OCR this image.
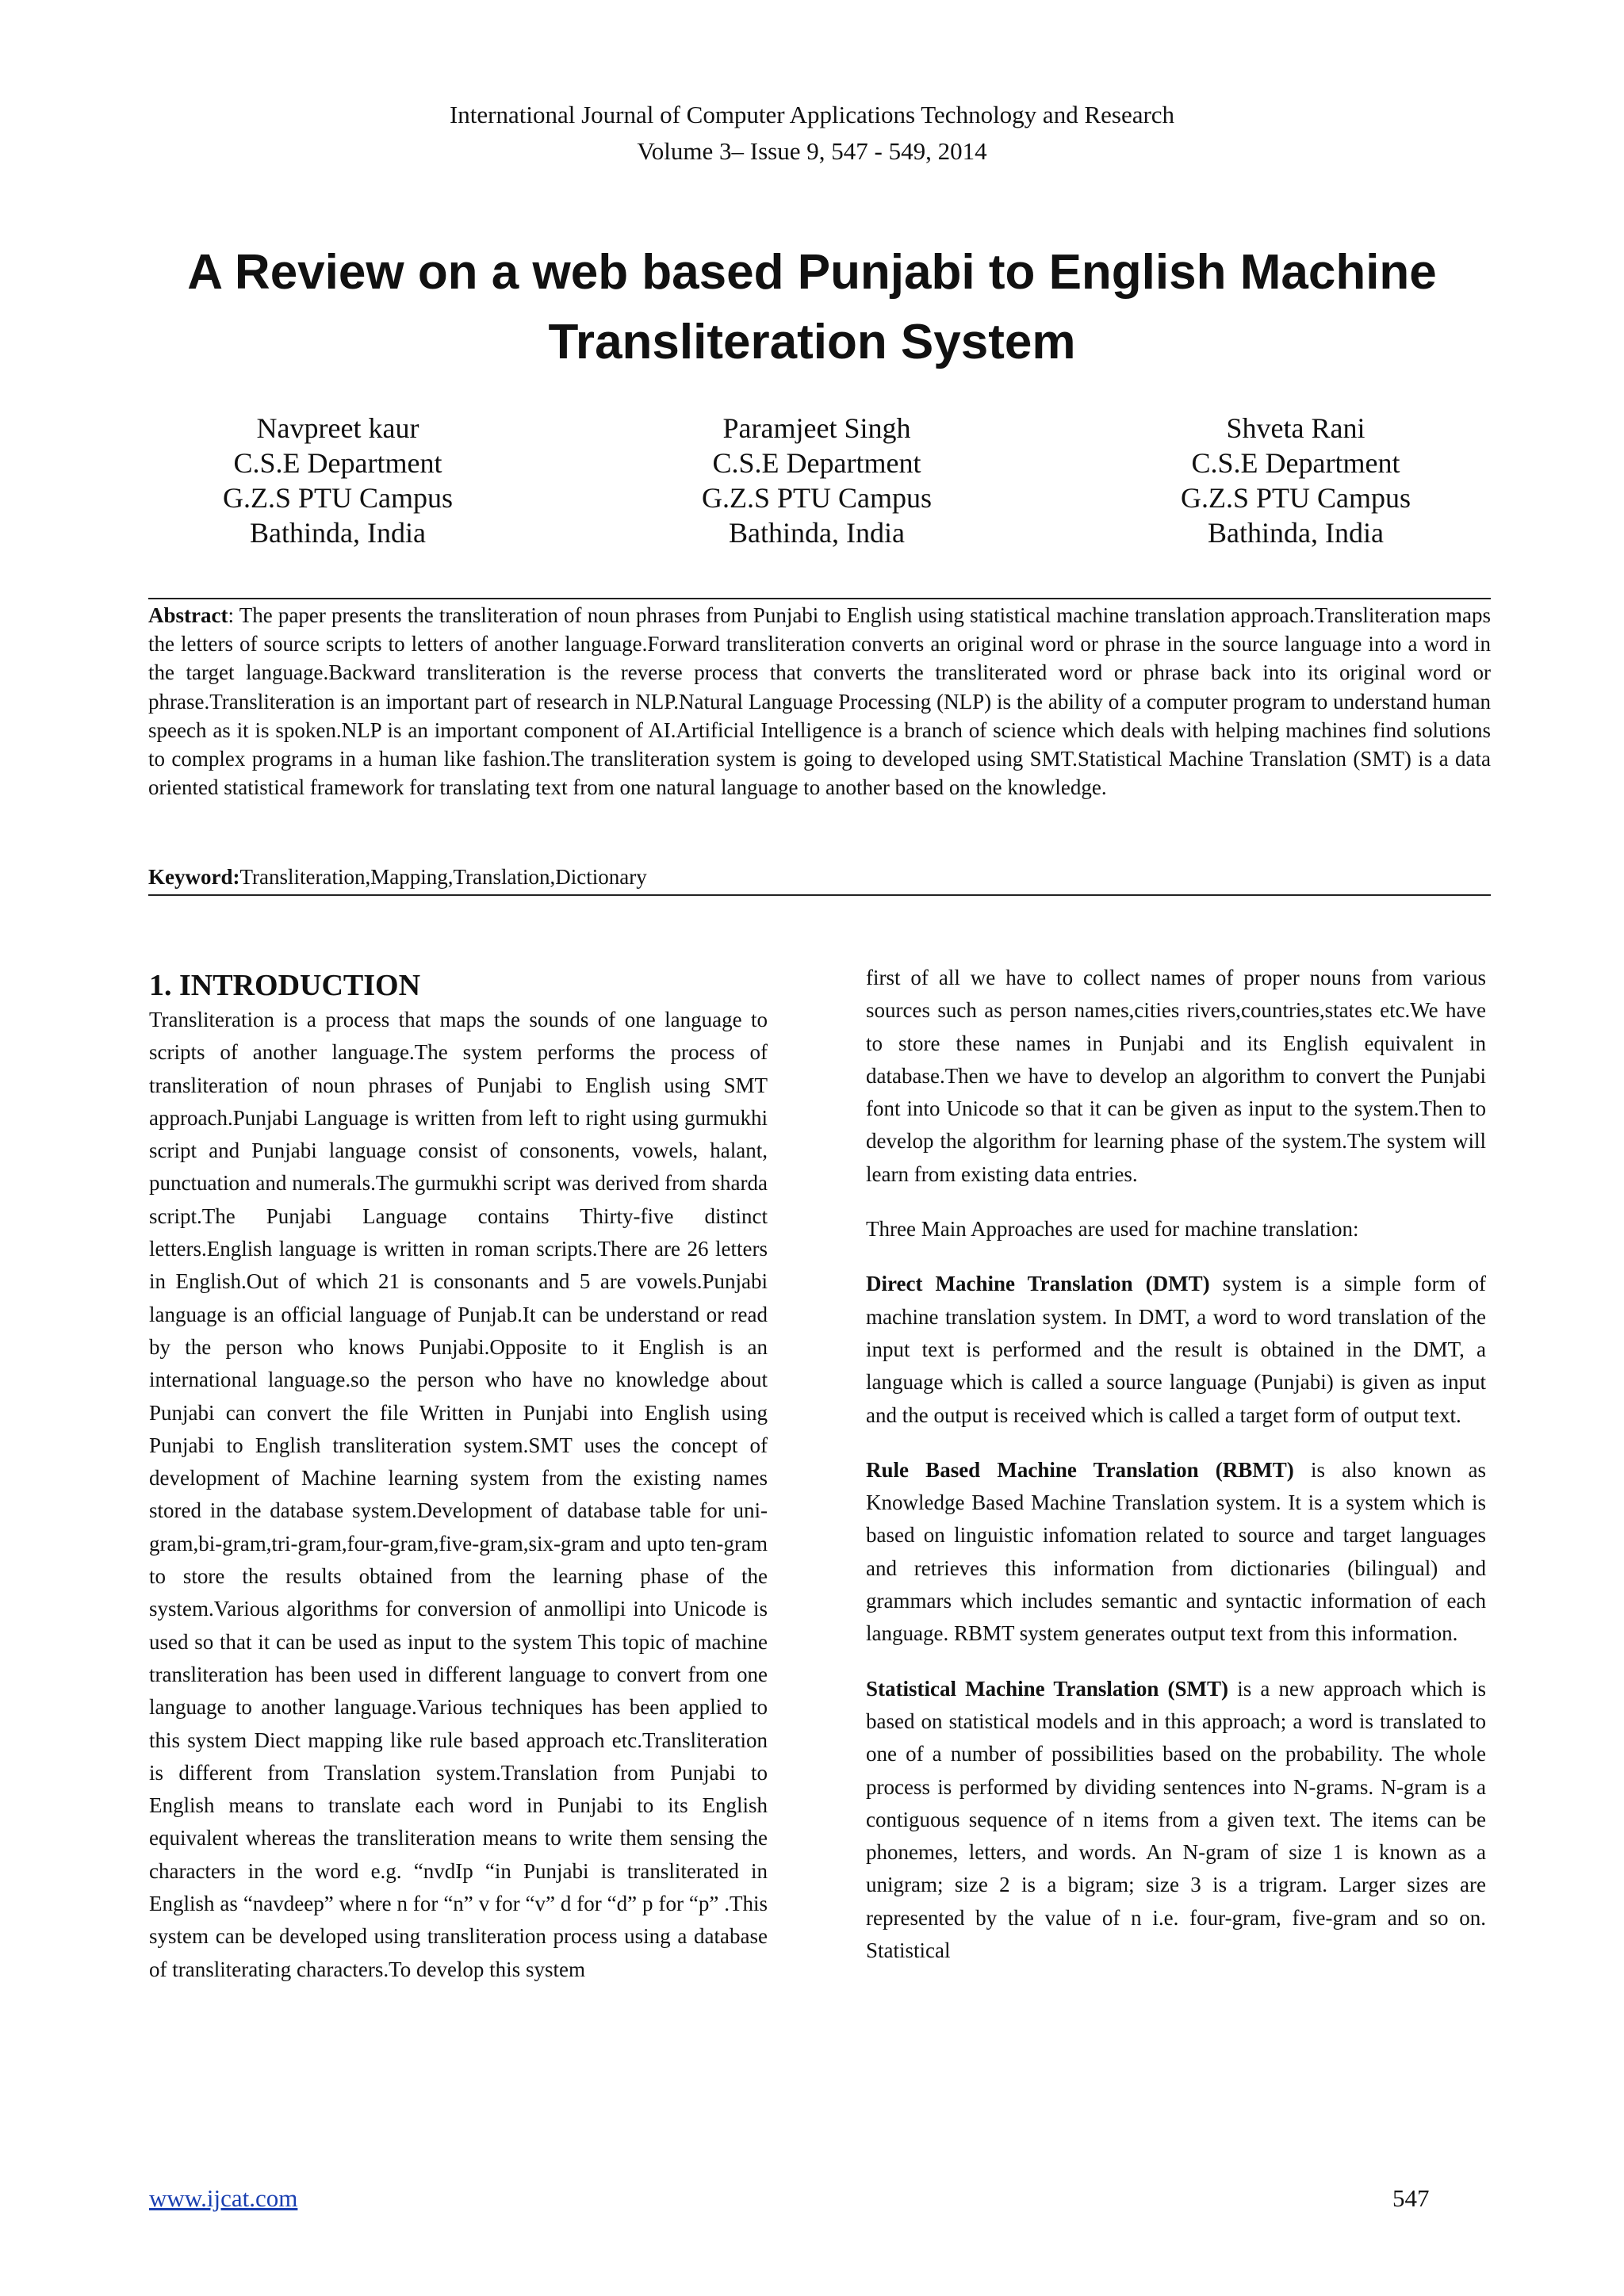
International Journal of Computer Applications Technology and Research
Volume 3– Issue 9, 547 - 549, 2014
A Review on a web based Punjabi to English Machine
Transliteration System
Navpreet kaur
C.S.E Department
G.Z.S PTU Campus
Bathinda, India
Paramjeet Singh
C.S.E Department
G.Z.S PTU Campus
Bathinda, India
Shveta Rani
C.S.E Department
G.Z.S PTU Campus
Bathinda, India
Abstract: The paper presents the transliteration of noun phrases from Punjabi to English using statistical machine translation approach.Transliteration maps the letters of source scripts to letters of another language.Forward transliteration converts an original word or phrase in the source language into a word in the target language.Backward transliteration is the reverse process that converts the transliterated word or phrase back into its original word or phrase.Transliteration is an important part of research in NLP.Natural Language Processing (NLP) is the ability of a computer program to understand human speech as it is spoken.NLP is an important component of AI.Artificial Intelligence is a branch of science which deals with helping machines find solutions to complex programs in a human like fashion.The transliteration system is going to developed using SMT.Statistical Machine Translation (SMT) is a data oriented statistical framework for translating text from one natural language to another based on the knowledge.
Keyword:Transliteration,Mapping,Translation,Dictionary
1. INTRODUCTION

Transliteration is a process that maps the sounds of one language to scripts of another language.The system performs the process of transliteration of noun phrases of Punjabi to English using SMT approach.Punjabi Language is written from left to right using gurmukhi script and Punjabi language consist of consonents, vowels, halant, punctuation and numerals.The gurmukhi script was derived from sharda script.The Punjabi Language contains Thirty-five distinct letters.English language is written in roman scripts.There are 26 letters in English.Out of which 21 is consonants and 5 are vowels.Punjabi language is an official language of Punjab.It can be understand or read by the person who knows Punjabi.Opposite to it English is an international language.so the person who have no knowledge about Punjabi can convert the file Written in Punjabi into English using Punjabi to English transliteration system.SMT uses the concept of development of Machine learning system from the existing names stored in the database system.Development of database table for uni-gram,bi-gram,tri-gram,four-gram,five-gram,six-gram and upto ten-gram to store the results obtained from the learning phase of the system.Various algorithms for conversion of anmollipi into Unicode is used so that it can be used as input to the system This topic of machine transliteration has been used in different language to convert from one language to another language.Various techniques has been applied to this system Diect mapping like rule based approach etc.Transliteration is different from Translation system.Translation from Punjabi to English means to translate each word in Punjabi to its English equivalent whereas the transliteration means to write them sensing the characters in the word e.g. “nvdIp “in Punjabi is transliterated in English as “navdeep” where n for “n” v for “v” d for “d” p for “p” .This system can be developed using transliteration process using a database of transliterating characters.To develop this system

first of all we have to collect names of proper nouns from various sources such as person names,cities rivers,countries,states etc.We have to store these names in Punjabi and its English equivalent in database.Then we have to develop an algorithm to convert the Punjabi font into Unicode so that it can be given as input to the system.Then to develop the algorithm for learning phase of the system.The system will learn from existing data entries.

Three Main Approaches are used for machine translation:

Direct Machine Translation (DMT) system is a simple form of machine translation system. In DMT, a word to word translation of the input text is performed and the result is obtained in the DMT, a language which is called a source language (Punjabi) is given as input and the output is received which is called a target form of output text.

Rule Based Machine Translation (RBMT) is also known as Knowledge Based Machine Translation system. It is a system which is based on linguistic infomation related to source and target languages and retrieves this information from dictionaries (bilingual) and grammars which includes semantic and syntactic information of each language. RBMT system generates output text from this information.

Statistical Machine Translation (SMT) is a new approach which is based on statistical models and in this approach; a word is translated to one of a number of possibilities based on the probability. The whole process is performed by dividing sentences into N-grams. N-gram is a contiguous sequence of n items from a given text. The items can be phonemes, letters, and words. An N-gram of size 1 is known as a unigram; size 2 is a bigram; size 3 is a trigram. Larger sizes are represented by the value of n i.e. four-gram, five-gram and so on. Statistical

www.ijcat.com	547
